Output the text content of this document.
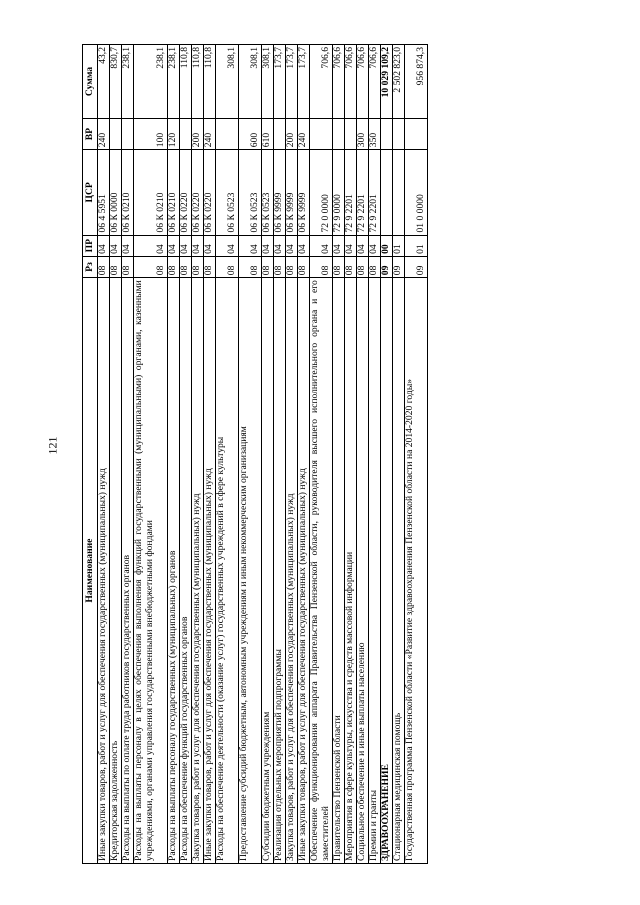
121
Наименование	Рз	ПР	ЦСР	ВР	Сумма
Иные закупки товаров, работ и услуг для обеспечения государственных (муниципальных) нужд	08	04	06 4 5951	240	43,2
Кредиторская задолженность	08	04	06 К 0000		830,7
Расходы на выплаты по оплате труда работников государственных органов	08	04	06 К 0210		238,1
Расходы на выплаты персоналу в целях обеспечения выполнения функций государственными (муниципальными) органами, казенными учреждениями, органами управления государственными внебюджетными фондами	08	04	06 К 0210	100	238,1
Расходы на выплаты персоналу государственных (муниципальных) органов	08	04	06 К 0210	120	238,1
Расходы на обеспечение функций государственных органов	08	04	06 К 0220		110,8
Закупка товаров, работ и услуг для обеспечения государственных (муниципальных) нужд	08	04	06 К 0220	200	110,8
Иные закупки товаров, работ и услуг для обеспечения государственных (муниципальных) нужд	08	04	06 К 0220	240	110,8
Расходы на обеспечение деятельности (оказание услуг) государственных учреждений в сфере культуры	08	04	06 К 0523		308,1
Предоставление субсидий бюджетным, автономным учреждениям и иным некоммерческим организациям	08	04	06 К 0523	600	308,1
Субсидии бюджетным учреждениям	08	04	06 К 0523	610	308,1
Реализация отдельных мероприятий подпрограммы	08	04	06 К 9999		173,7
Закупка товаров, работ и услуг для обеспечения государственных (муниципальных) нужд	08	04	06 К 9999	200	173,7
Иные закупки товаров, работ и услуг для обеспечения государственных (муниципальных) нужд	08	04	06 К 9999	240	173,7
Обеспечение функционирования аппарата Правительства Пензенской области, руководителя высшего исполнительного органа и его заместителей	08	04	72 0 0000		706,6
Правительство Пензенской области	08	04	72 9 0000		706,6
Мероприятия в сфере культуры, искусства и средств массовой информации	08	04	72 9 2201		706,6
Социальное обеспечение и иные выплаты населению	08	04	72 9 2201	300	706,6
Премии и гранты	08	04	72 9 2201	350	706,6
ЗДРАВООХРАНЕНИЕ	09	00			10 029 109,2
Стационарная медицинская помощь	09	01			2 502 823,0
Государственная программа Пензенской области «Развитие здравоохранения Пензенской области на 2014-2020 годы»	09	01	01 0 0000		956 874,3
